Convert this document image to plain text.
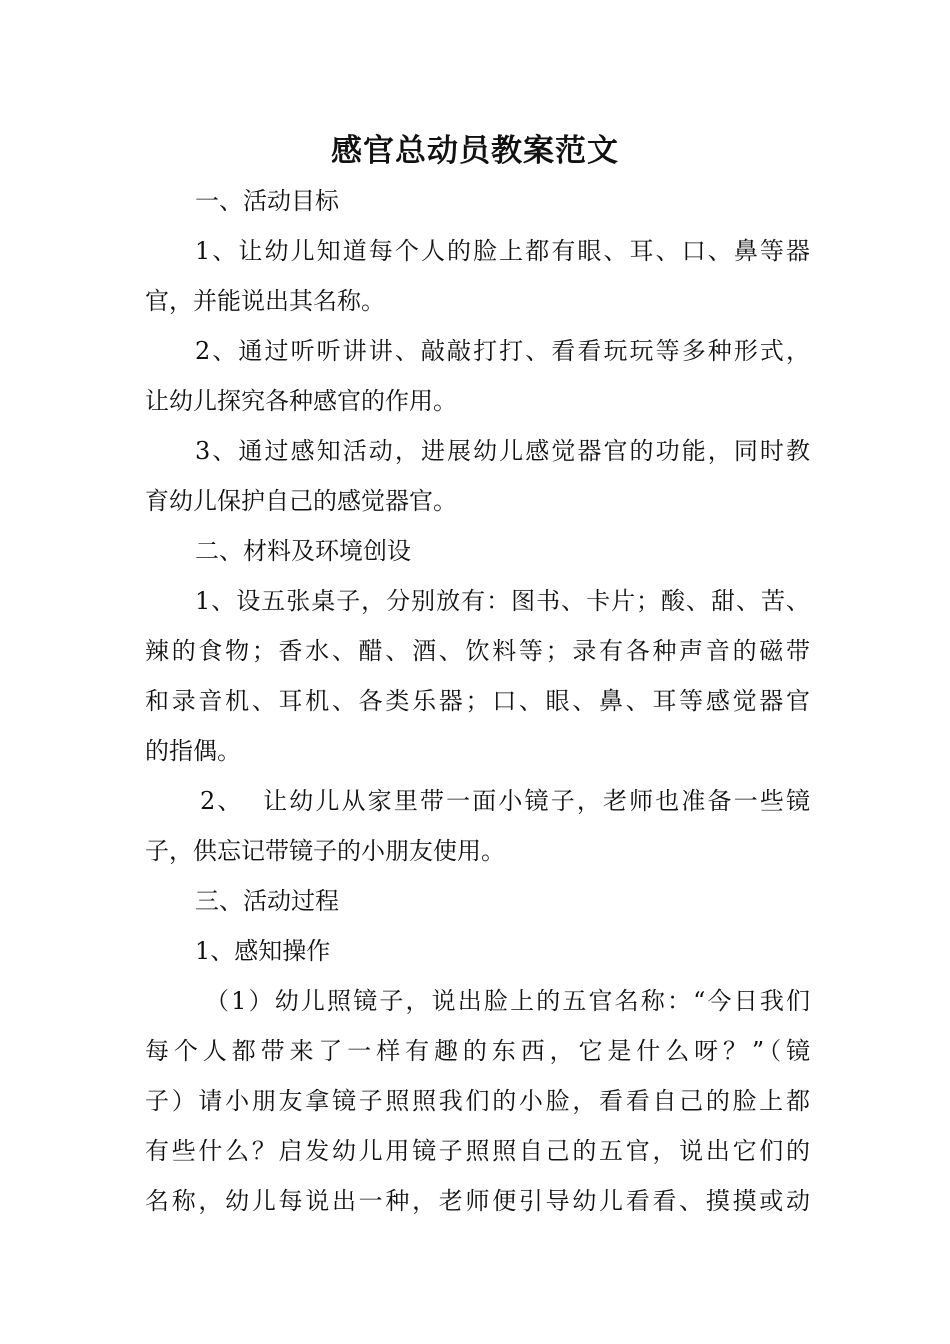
感官总动员教案范文
一、活动目标
1、让幼儿知道每个人的脸上都有眼、耳、口、鼻等器
官，并能说出其名称。
2、通过听听讲讲、敲敲打打、看看玩玩等多种形式，
让幼儿探究各种感官的作用。
3、通过感知活动，进展幼儿感觉器官的功能，同时教
育幼儿保护自己的感觉器官。
二、材料及环境创设
1、设五张桌子，分别放有：图书、卡片；酸、甜、苦、
辣的食物；香水、醋、酒、饮料等；录有各种声音的磁带
和录音机、耳机、各类乐器；口、眼、鼻、耳等感觉器官
的指偶。
2、  让幼儿从家里带一面小镜子，老师也准备一些镜
子，供忘记带镜子的小朋友使用。
三、活动过程
1、感知操作
（1）幼儿照镜子，说出脸上的五官名称：“今日我们
每个人都带来了一样有趣的东西，它是什么呀？”（镜
子）请小朋友拿镜子照照我们的小脸，看看自己的脸上都
有些什么？启发幼儿用镜子照照自己的五官，说出它们的
名称，幼儿每说出一种，老师便引导幼儿看看、摸摸或动
